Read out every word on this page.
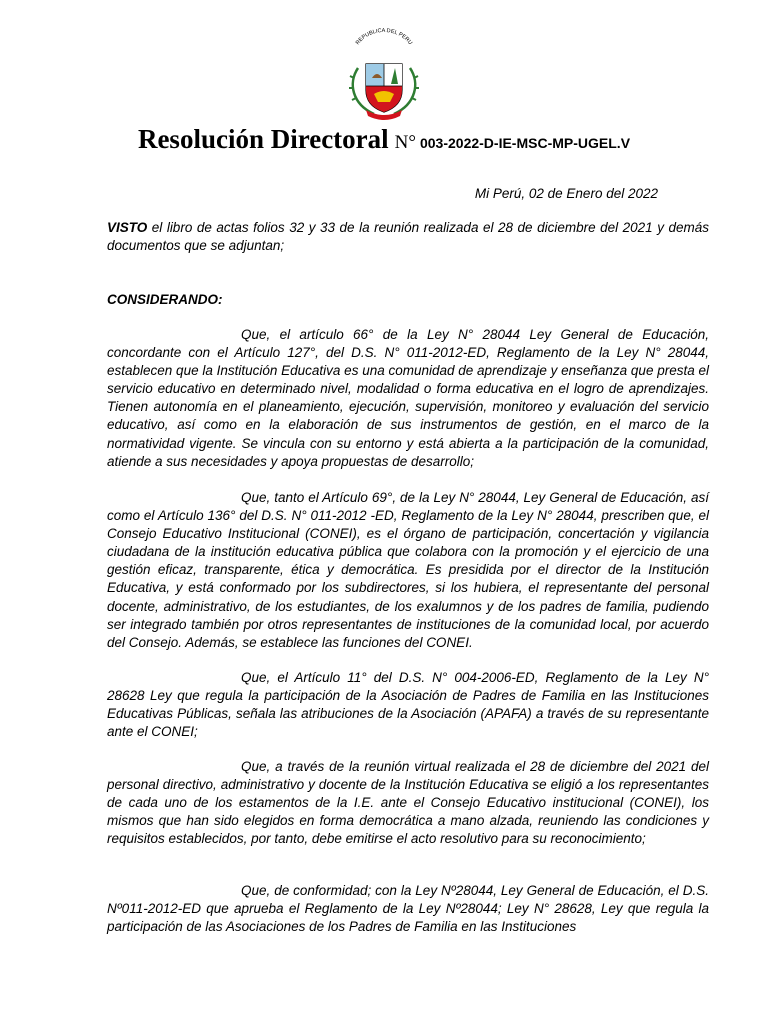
REPUBLICA DEL PERU
Resolución Directoral N° 003-2022-D-IE-MSC-MP-UGEL.V
Mi Perú, 02 de Enero del 2022

VISTO el libro de actas folios 32 y 33 de la reunión realizada el 28 de diciembre del 2021 y demás documentos que se adjuntan;

CONSIDERANDO:

Que, el artículo 66° de la Ley N° 28044 Ley General de Educación, concordante con el Artículo 127°, del D.S. N° 011-2012-ED, Reglamento de la Ley N° 28044, establecen que la Institución Educativa es una comunidad de aprendizaje y enseñanza que presta el servicio educativo en determinado nivel, modalidad o forma educativa en el logro de aprendizajes. Tienen autonomía en el planeamiento, ejecución, supervisión, monitoreo y evaluación del servicio educativo, así como en la elaboración de sus instrumentos de gestión, en el marco de la normatividad vigente. Se vincula con su entorno y está abierta a la participación de la comunidad, atiende a sus necesidades y apoya propuestas de desarrollo;

Que, tanto el Artículo 69°, de la Ley N° 28044, Ley General de Educación, así como el Artículo 136° del D.S. N° 011-2012 -ED, Reglamento de la Ley N° 28044, prescriben que, el Consejo Educativo Institucional (CONEI), es el órgano de participación, concertación y vigilancia ciudadana de la institución educativa pública que colabora con la promoción y el ejercicio de una gestión eficaz, transparente, ética y democrática. Es presidida por el director de la Institución Educativa, y está conformado por los subdirectores, si los hubiera, el representante del personal docente, administrativo, de los estudiantes, de los exalumnos y de los padres de familia, pudiendo ser integrado también por otros representantes de instituciones de la comunidad local, por acuerdo del Consejo. Además, se establece las funciones del CONEI.

Que, el Artículo 11° del D.S. N° 004-2006-ED, Reglamento de la Ley N° 28628 Ley que regula la participación de la Asociación de Padres de Familia en las Instituciones Educativas Públicas, señala las atribuciones de la Asociación (APAFA) a través de su representante ante el CONEI;

Que, a través de la reunión virtual realizada el 28 de diciembre del 2021 del personal directivo, administrativo y docente de la Institución Educativa se eligió a los representantes de cada uno de los estamentos de la I.E. ante el Consejo Educativo institucional (CONEI), los mismos que han sido elegidos en forma democrática a mano alzada, reuniendo las condiciones y requisitos establecidos, por tanto, debe emitirse el acto resolutivo para su reconocimiento;

Que, de conformidad; con la Ley Nº28044, Ley General de Educación, el D.S. Nº011-2012-ED que aprueba el Reglamento de la Ley Nº28044; Ley N° 28628, Ley que regula la participación de las Asociaciones de los Padres de Familia en las Instituciones
